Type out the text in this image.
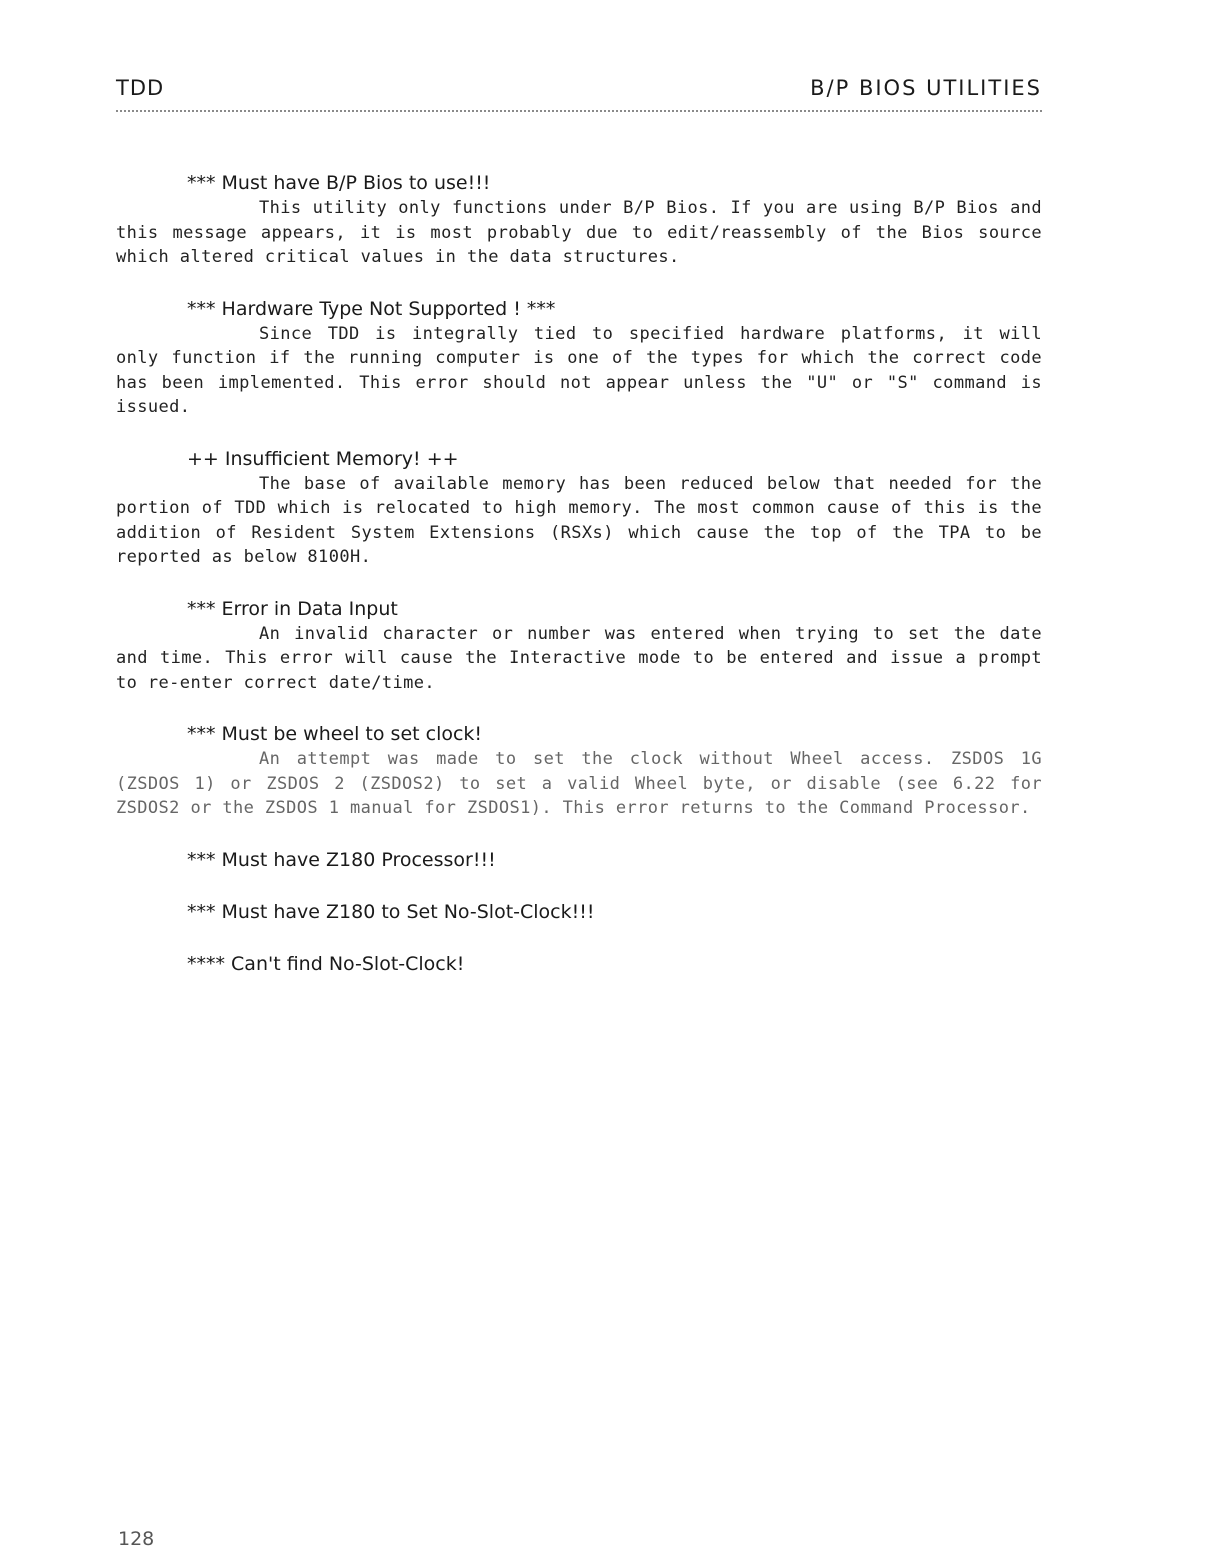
TDD	B/P BIOS UTILITIES
*** Must have B/P Bios to use!!!
This utility only functions under B/P Bios. If you are using B/P Bios and this message appears, it is most probably due to edit/reassembly of the Bios source which altered critical values in the data structures.
*** Hardware Type Not Supported ! ***
Since TDD is integrally tied to specified hardware platforms, it will only function if the running computer is one of the types for which the correct code has been implemented. This error should not appear unless the "U" or "S" command is issued.
++ Insufficient Memory! ++
The base of available memory has been reduced below that needed for the portion of TDD which is relocated to high memory. The most common cause of this is the addition of Resident System Extensions (RSXs) which cause the top of the TPA to be reported as below 8100H.
*** Error in Data Input
An invalid character or number was entered when trying to set the date and time. This error will cause the Interactive mode to be entered and issue a prompt to re-enter correct date/time.
*** Must be wheel to set clock!
An attempt was made to set the clock without Wheel access. ZSDOS 1G (ZSDOS 1) or ZSDOS 2 (ZSDOS2) to set a valid Wheel byte, or disable (see 6.22 for ZSDOS2 or the ZSDOS 1 manual for ZSDOS1). This error returns to the Command Processor.
*** Must have Z180 Processor!!!
*** Must have Z180 to Set No-Slot-Clock!!!
**** Can't find No-Slot-Clock!
128
